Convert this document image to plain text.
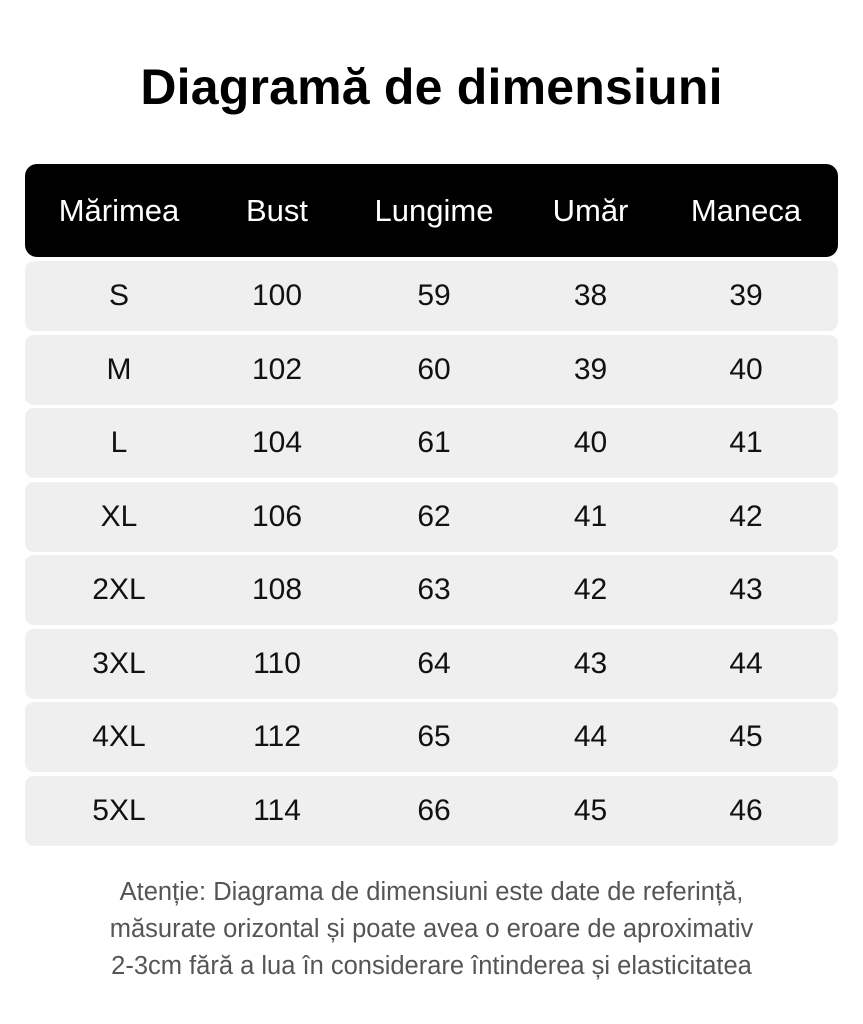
Diagramă de dimensiuni
Mărimea	Bust	Lungime	Umăr	Maneca
S	100	59	38	39
M	102	60	39	40
L	104	61	40	41
XL	106	62	41	42
2XL	108	63	42	43
3XL	110	64	43	44
4XL	112	65	44	45
5XL	114	66	45	46
Atenție: Diagrama de dimensiuni este date de referință,
măsurate orizontal și poate avea o eroare de aproximativ
2-3cm fără a lua în considerare întinderea și elasticitatea
